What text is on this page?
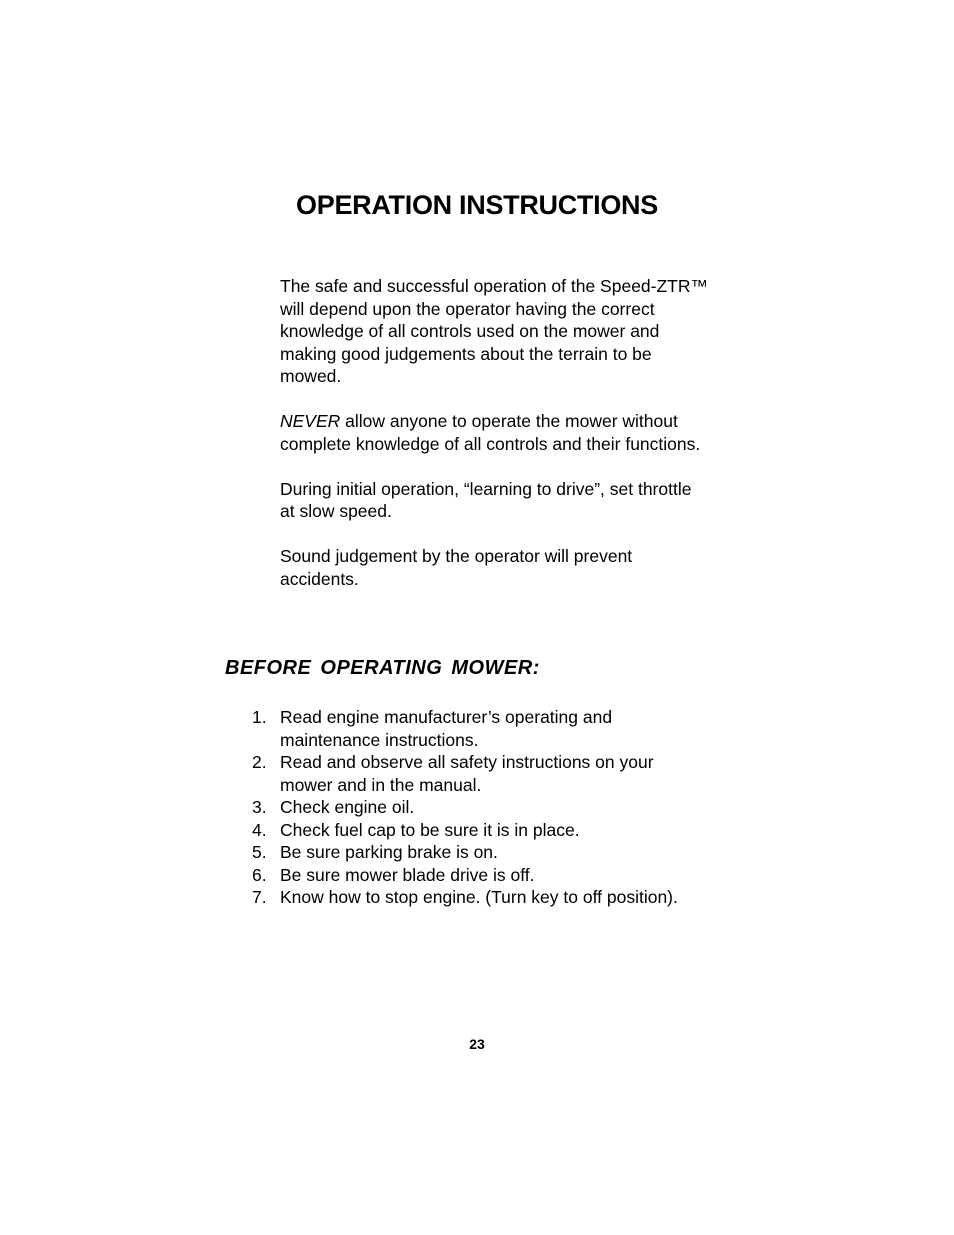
OPERATION INSTRUCTIONS

The safe and successful operation of the Speed-ZTR™ will depend upon the operator having the correct knowledge of all controls used on the mower and making good judgements about the terrain to be mowed.

NEVER allow anyone to operate the mower without complete knowledge of all controls and their functions.

During initial operation, “learning to drive”, set throttle at slow speed.

Sound judgement by the operator will prevent accidents.

BEFORE OPERATING MOWER:
1. Read engine manufacturer’s operating and maintenance instructions.
2. Read and observe all safety instructions on your mower and in the manual.
3. Check engine oil.
4. Check fuel cap to be sure it is in place.
5. Be sure parking brake is on.
6. Be sure mower blade drive is off.
7. Know how to stop engine. (Turn key to off position).
23
